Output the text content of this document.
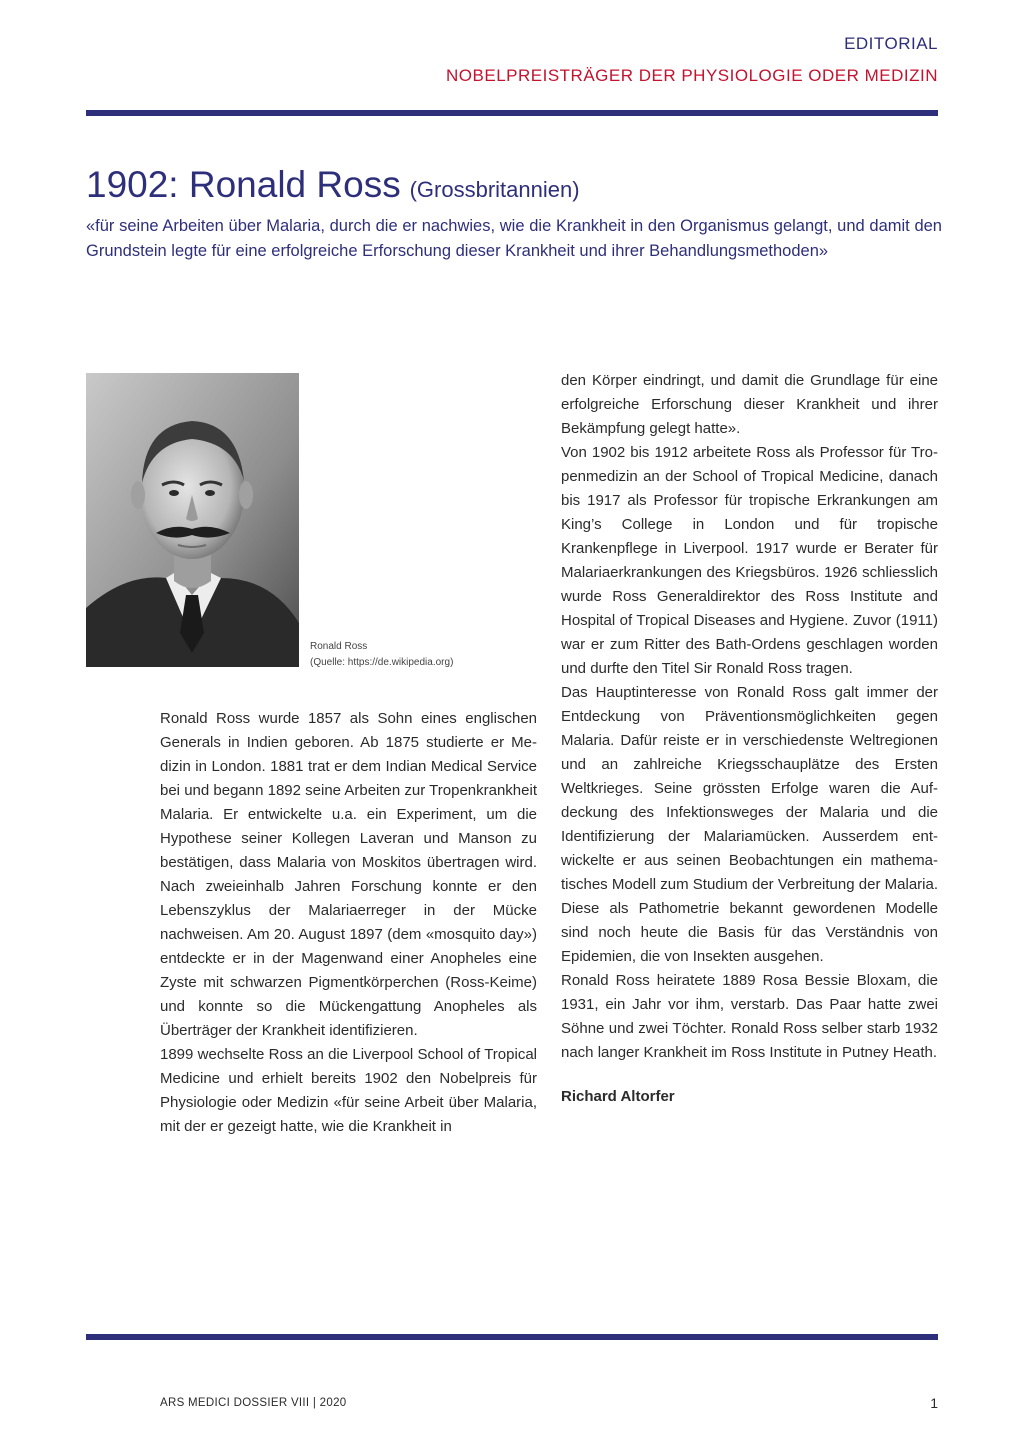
EDITORIAL
NOBELPREISTRÄGER DER PHYSIOLOGIE ODER MEDIZIN
1902: Ronald Ross (Grossbritannien)

«für seine Arbeiten über Malaria, durch die er nachwies, wie die Krankheit in den Organismus gelangt, und damit den Grundstein legte für eine erfolgreiche Erforschung dieser Krankheit und ihrer Behandlungsmethoden»

Ronald Ross
(Quelle: https://de.wikipedia.org)

Ronald Ross wurde 1857 als Sohn eines englischen Generals in Indien geboren. Ab 1875 studierte er Medizin in London. 1881 trat er dem Indian Medical Service bei und begann 1892 seine Arbeiten zur Tropenkrankheit Malaria. Er entwickelte u.a. ein Experiment, um die Hypothese seiner Kollegen Laveran und Manson zu bestätigen, dass Malaria von Moskitos übertragen wird. Nach zweieinhalb Jahren Forschung konnte er den Lebenszyklus der Malariaerreger in der Mücke nachweisen. Am 20. August 1897 (dem «mosquito day») entdeckte er in der Magenwand einer Anopheles eine Zyste mit schwarzen Pigmentkörperchen (Ross-Keime) und konnte so die Mückengattung Anopheles als Überträger der Krankheit identifizieren.

1899 wechselte Ross an die Liverpool School of Tropical Medicine und erhielt bereits 1902 den Nobelpreis für Physiologie oder Medizin «für seine Arbeit über Malaria, mit der er gezeigt hatte, wie die Krankheit in

den Körper eindringt, und damit die Grundlage für eine erfolgreiche Erforschung dieser Krankheit und ihrer Bekämpfung gelegt hatte».

Von 1902 bis 1912 arbeitete Ross als Professor für Tropenmedizin an der School of Tropical Medicine, danach bis 1917 als Professor für tropische Erkrankungen am King’s College in London und für tropische Krankenpflege in Liverpool. 1917 wurde er Berater für Malariaerkrankungen des Kriegsbüros. 1926 schliesslich wurde Ross Generaldirektor des Ross Institute and Hospital of Tropical Diseases and Hygiene. Zuvor (1911) war er zum Ritter des Bath-Ordens geschlagen worden und durfte den Titel Sir Ronald Ross tragen.

Das Hauptinteresse von Ronald Ross galt immer der Entdeckung von Präventionsmöglichkeiten gegen Malaria. Dafür reiste er in verschiedenste Weltregionen und an zahlreiche Kriegsschauplätze des Ersten Weltkrieges. Seine grössten Erfolge waren die Aufdeckung des Infektionsweges der Malaria und die Identifizierung der Malariamücken. Ausserdem entwickelte er aus seinen Beobachtungen ein mathematisches Modell zum Studium der Verbreitung der Malaria. Diese als Pathometrie bekannt gewordenen Modelle sind noch heute die Basis für das Verständnis von Epidemien, die von Insekten ausgehen.

Ronald Ross heiratete 1889 Rosa Bessie Bloxam, die 1931, ein Jahr vor ihm, verstarb. Das Paar hatte zwei Söhne und zwei Töchter. Ronald Ross selber starb 1932 nach langer Krankheit im Ross Institute in Putney Heath.

Richard Altorfer

ARS MEDICI DOSSIER VIII | 2020	1
